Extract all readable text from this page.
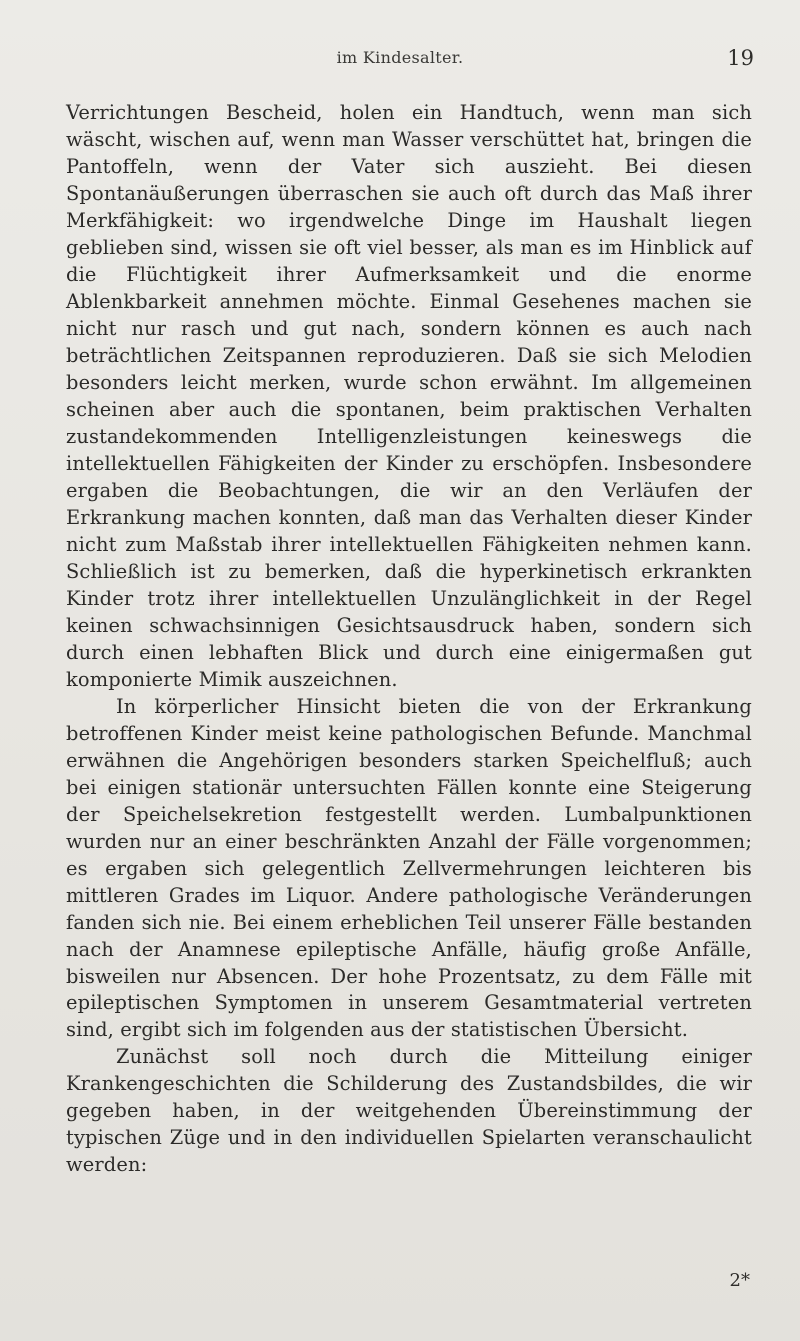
im Kindesalter.	19

Verrichtungen Bescheid, holen ein Handtuch, wenn man sich wäscht, wischen auf, wenn man Wasser verschüttet hat, bringen die Pantoffeln, wenn der Vater sich auszieht. Bei diesen Spontanäußerungen überraschen sie auch oft durch das Maß ihrer Merkfähigkeit: wo irgendwelche Dinge im Haushalt liegen geblieben sind, wissen sie oft viel besser, als man es im Hinblick auf die Flüchtigkeit ihrer Aufmerksamkeit und die enorme Ablenkbarkeit annehmen möchte. Einmal Gesehenes machen sie nicht nur rasch und gut nach, sondern können es auch nach beträchtlichen Zeitspannen reproduzieren. Daß sie sich Melodien besonders leicht merken, wurde schon erwähnt. Im allgemeinen scheinen aber auch die spontanen, beim praktischen Verhalten zustandekommenden Intelligenzleistungen keineswegs die intellektuellen Fähigkeiten der Kinder zu erschöpfen. Insbesondere ergaben die Beobachtungen, die wir an den Verläufen der Erkrankung machen konnten, daß man das Verhalten dieser Kinder nicht zum Maßstab ihrer intellektuellen Fähigkeiten nehmen kann. Schließlich ist zu bemerken, daß die hyperkinetisch erkrankten Kinder trotz ihrer intellektuellen Unzulänglichkeit in der Regel keinen schwachsinnigen Gesichtsausdruck haben, sondern sich durch einen lebhaften Blick und durch eine einigermaßen gut komponierte Mimik auszeichnen.

In körperlicher Hinsicht bieten die von der Erkrankung betroffenen Kinder meist keine pathologischen Befunde. Manchmal erwähnen die Angehörigen besonders starken Speichelfluß; auch bei einigen stationär untersuchten Fällen konnte eine Steigerung der Speichelsekretion festgestellt werden. Lumbalpunktionen wurden nur an einer beschränkten Anzahl der Fälle vorgenommen; es ergaben sich gelegentlich Zellvermehrungen leichteren bis mittleren Grades im Liquor. Andere pathologische Veränderungen fanden sich nie. Bei einem erheblichen Teil unserer Fälle bestanden nach der Anamnese epileptische Anfälle, häufig große Anfälle, bisweilen nur Absencen. Der hohe Prozentsatz, zu dem Fälle mit epileptischen Symptomen in unserem Gesamtmaterial vertreten sind, ergibt sich im folgenden aus der statistischen Übersicht.

Zunächst soll noch durch die Mitteilung einiger Krankengeschichten die Schilderung des Zustandsbildes, die wir gegeben haben, in der weitgehenden Übereinstimmung der typischen Züge und in den individuellen Spielarten veranschaulicht werden:

2*
